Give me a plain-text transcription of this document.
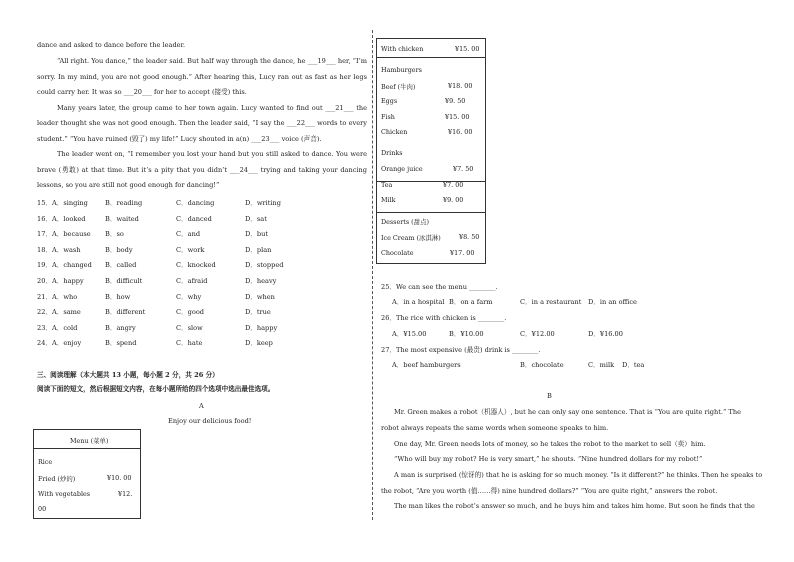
dance and asked to dance before the leader.

“All right. You dance,” the leader said. But half way through the dance, he ___19___ her, “I’m sorry. In my mind, you are not good enough.” After hearing this, Lucy ran out as fast as her legs could carry her. It was so ___20___ for her to accept (接受) this.

Many years later, the group came to her town again. Lucy wanted to find out ___21___ the leader thought she was not good enough. Then the leader said, “I say the ___22___ words to every student.” “You have ruined (毁了) my life!” Lucy shouted in a(n) ___23___ voice (声音).

The leader went on, “I remember you lost your hand but you still asked to dance. You were brave (勇敢) at that time. But it’s a pity that you didn’t ___24___ trying and taking your dancing lessons, so you are still not good enough for dancing!”

15．A．singing	B．reading	C．dancing	D．writing
16．A．looked	B．waited	C．danced	D．sat
17．A．because B．so	C．and	D．but
18．A．wash	B．body	C．work	D．plan
19．A．changed B．called	C．knocked	D．stopped
20．A．happy	B．difficult	C．afraid	D．heavy
21．A．who	B．how	C．why	D．when
22．A．same	B．different	C．good	D．true
23．A．cold	B．angry	C．slow	D．happy
24．A．enjoy	B．spend	C．hate	D．keep
三、阅读理解（本大题共 13 小题，每小题 2 分，共 26 分）
阅读下面的短文，然后根据短文内容，在每小题所给的四个选项中选出最佳选项。
A
Enjoy our delicious food!
Menu (菜单)
Rice
Fried (炒的)	¥10. 00
With vegetables	¥12.
00
With chicken	¥15. 00
Hamburgers
Beef (牛肉)	¥18. 00
Eggs	¥9. 50
Fish	¥15. 00
Chicken	¥16. 00
Drinks
Orange juice	¥7. 50
Tea	¥7. 00
Milk	¥9. 00
Desserts (甜点)
Ice Cream (冰淇淋)	¥8. 50
Chocolate	¥17. 00
25．We can see the menu ________.
A．in a hospital B．on a farm	C．in a restaurant D．in an office
26．The rice with chicken is ________.
A．¥15.00	B．¥10.00	C．¥12.00	D．¥16.00
27．The most expensive (最贵) drink is ________.
A．beef hamburgers	B．chocolate	C．milk D．tea
B
Mr. Green makes a robot（机器人）, but he can only say one sentence. That is “You are quite right.” The
robot always repeats the same words when someone speaks to him.
One day, Mr. Green needs lots of money, so he takes the robot to the market to sell（卖）him.
“Who will buy my robot? He is very smart,” he shouts. “Nine hundred dollars for my robot!”
A man is surprised (惊讶的) that he is asking for so much money. “Is it different?” he thinks. Then he speaks to
the robot, “Are you worth (值……得) nine hundred dollars?” “You are quite right,” answers the robot.
The man likes the robot’s answer so much, and he buys him and takes him home. But soon he finds that the
